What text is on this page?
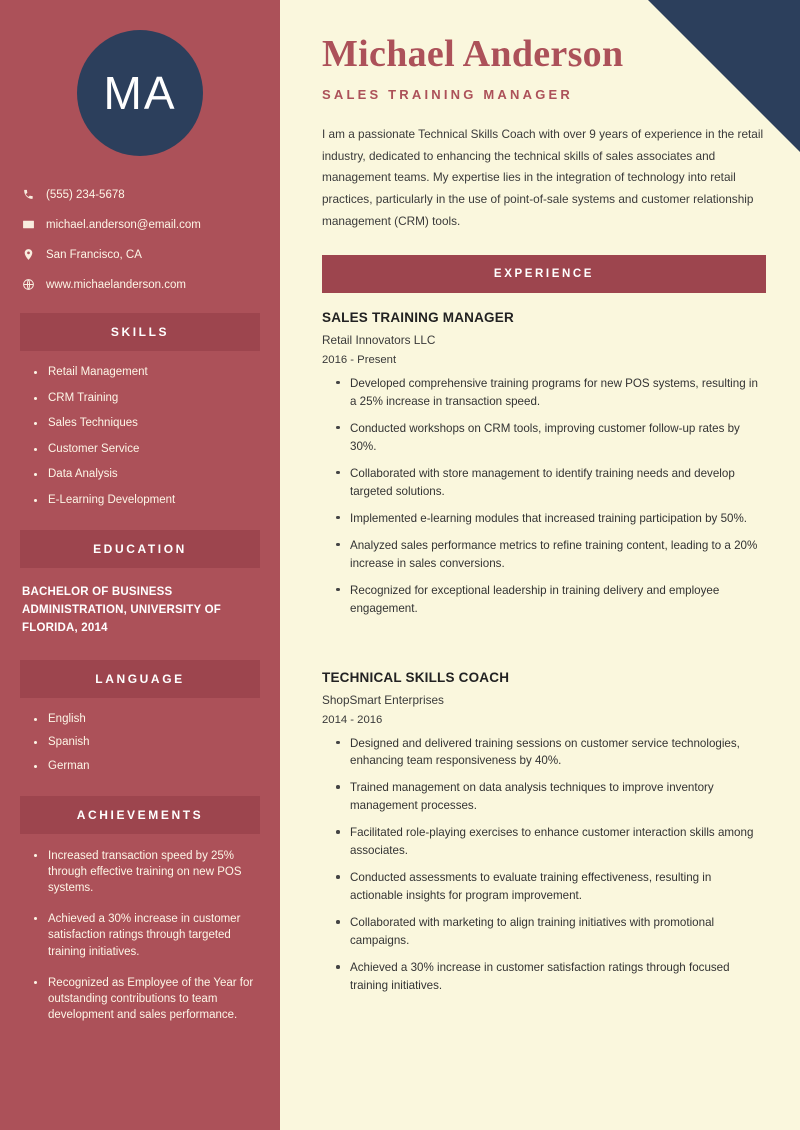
MA
(555) 234-5678
michael.anderson@email.com
San Francisco, CA
www.michaelanderson.com
SKILLS
Retail Management
CRM Training
Sales Techniques
Customer Service
Data Analysis
E-Learning Development
EDUCATION
BACHELOR OF BUSINESS ADMINISTRATION, UNIVERSITY OF FLORIDA, 2014
LANGUAGE
English
Spanish
German
ACHIEVEMENTS
Increased transaction speed by 25% through effective training on new POS systems.
Achieved a 30% increase in customer satisfaction ratings through targeted training initiatives.
Recognized as Employee of the Year for outstanding contributions to team development and sales performance.
Michael Anderson
SALES TRAINING MANAGER

I am a passionate Technical Skills Coach with over 9 years of experience in the retail industry, dedicated to enhancing the technical skills of sales associates and management teams. My expertise lies in the integration of technology into retail practices, particularly in the use of point-of-sale systems and customer relationship management (CRM) tools.

EXPERIENCE
SALES TRAINING MANAGER
Retail Innovators LLC
2016 - Present
Developed comprehensive training programs for new POS systems, resulting in a 25% increase in transaction speed.
Conducted workshops on CRM tools, improving customer follow-up rates by 30%.
Collaborated with store management to identify training needs and develop targeted solutions.
Implemented e-learning modules that increased training participation by 50%.
Analyzed sales performance metrics to refine training content, leading to a 20% increase in sales conversions.
Recognized for exceptional leadership in training delivery and employee engagement.
TECHNICAL SKILLS COACH
ShopSmart Enterprises
2014 - 2016
Designed and delivered training sessions on customer service technologies, enhancing team responsiveness by 40%.
Trained management on data analysis techniques to improve inventory management processes.
Facilitated role-playing exercises to enhance customer interaction skills among associates.
Conducted assessments to evaluate training effectiveness, resulting in actionable insights for program improvement.
Collaborated with marketing to align training initiatives with promotional campaigns.
Achieved a 30% increase in customer satisfaction ratings through focused training initiatives.
